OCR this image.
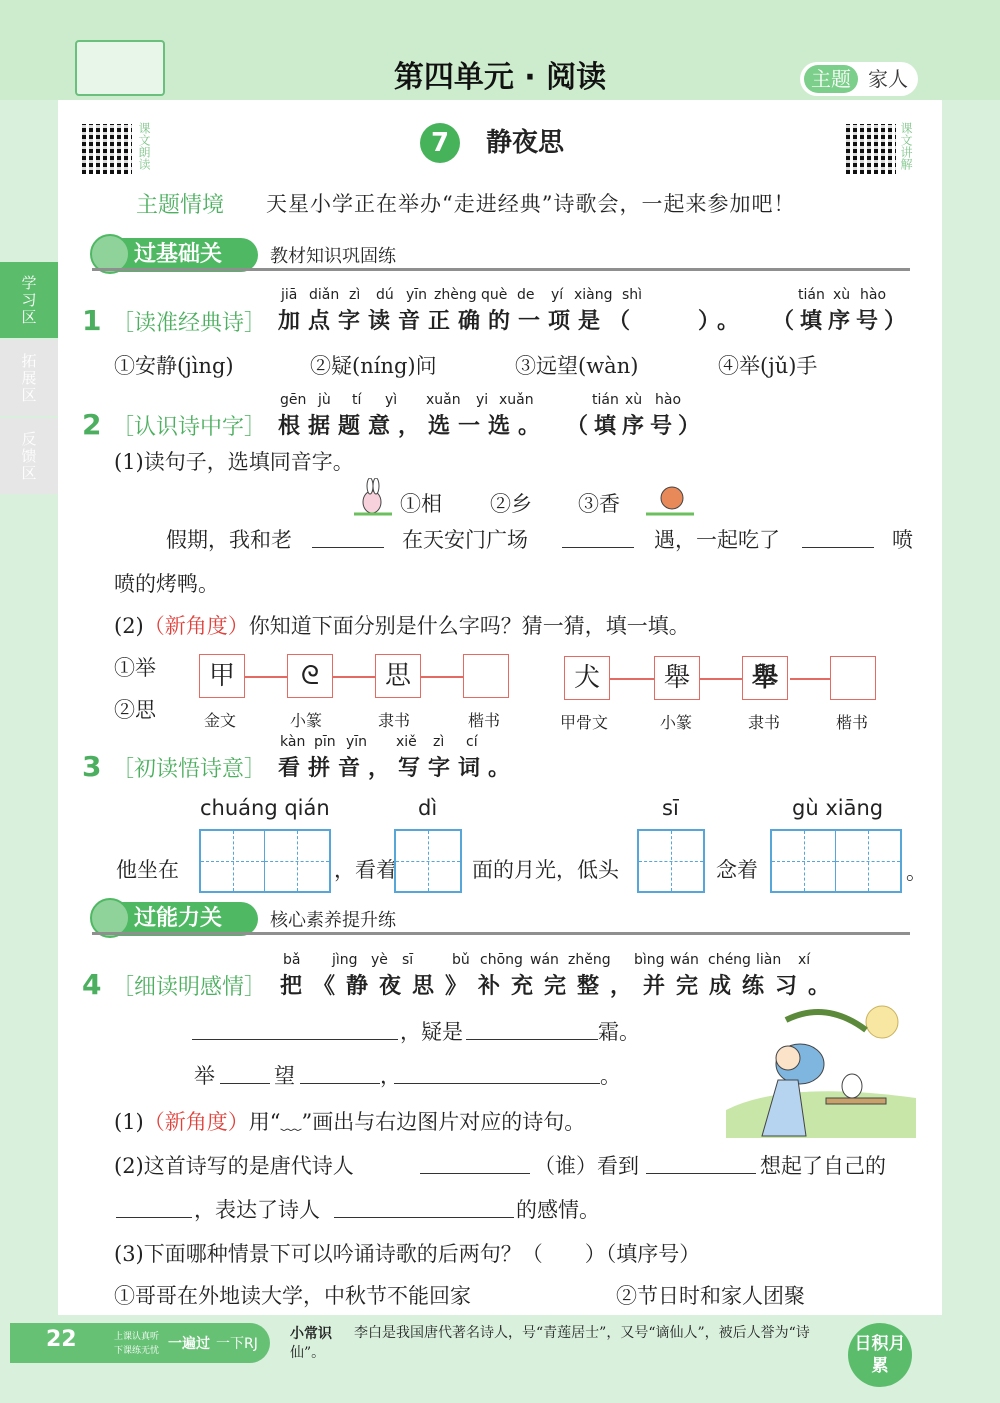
第四单元 · 阅读	主题 家人
学习区
拓展区
反馈区
课文朗读	课文讲解
7 静夜思
主题情境 天星小学正在举办“走进经典”诗歌会，一起来参加吧！
过基础关	教材知识巩固练
1 ［读准经典诗］
jiā diǎn zì dú yīn zhèng què de yí xiàng shì
加点字读音正确的一项是（　　）。
tián xù hào
（填序号）
①安静(jìng)	②疑(níng)问	③远望(wàn)	④举(jǔ)手
2 ［认识诗中字］
gēn jù tí yì xuǎn yi xuǎn
根据题意，选一选。
tián xù hào
（填序号）
(1)读句子，选填同音字。
①相 ②乡 ③香
假期，我和老	在天安门广场	遇，一起吃了	喷
喷的烤鸭。
(2)（新角度）你知道下面分别是什么字吗？猜一猜，填一填。
①举
②思
甲	ᘓ	思
金文	小篆	隶书	楷书
犬	舉	舉
甲骨文	小篆	隶书	楷书
3 ［初读悟诗意］
kàn pīn yīn xiě zì cí
看拼音，写字词。
chuáng qián	dì	sī	gù xiāng
他坐在	，看着	面的月光，低头	念着	。
过能力关	核心素养提升练
4 ［细读明感情］
bǎ jìng yè sī	bǔ chōng wán zhěng bìng wán chéng liàn xí
把《静夜思》补充完整，并完成练习。
，疑是	霜。
举	望	，	。
(1)（新角度）用“﹏”画出与右边图片对应的诗句。
(2)这首诗写的是唐代诗人	（谁）看到	想起了自己的
，表达了诗人	的感情。
(3)下面哪种情景下可以吟诵诗歌的后两句？（　　）（填序号）
①哥哥在外地读大学，中秋节不能回家	②节日时和家人团聚
22	上课认真听
下课练无忧 一遍过 一下RJ
小常识	李白是我国唐代著名诗人，号“青莲居士”，又号“谪仙人”，被后人誉为“诗仙”。	日积月累
